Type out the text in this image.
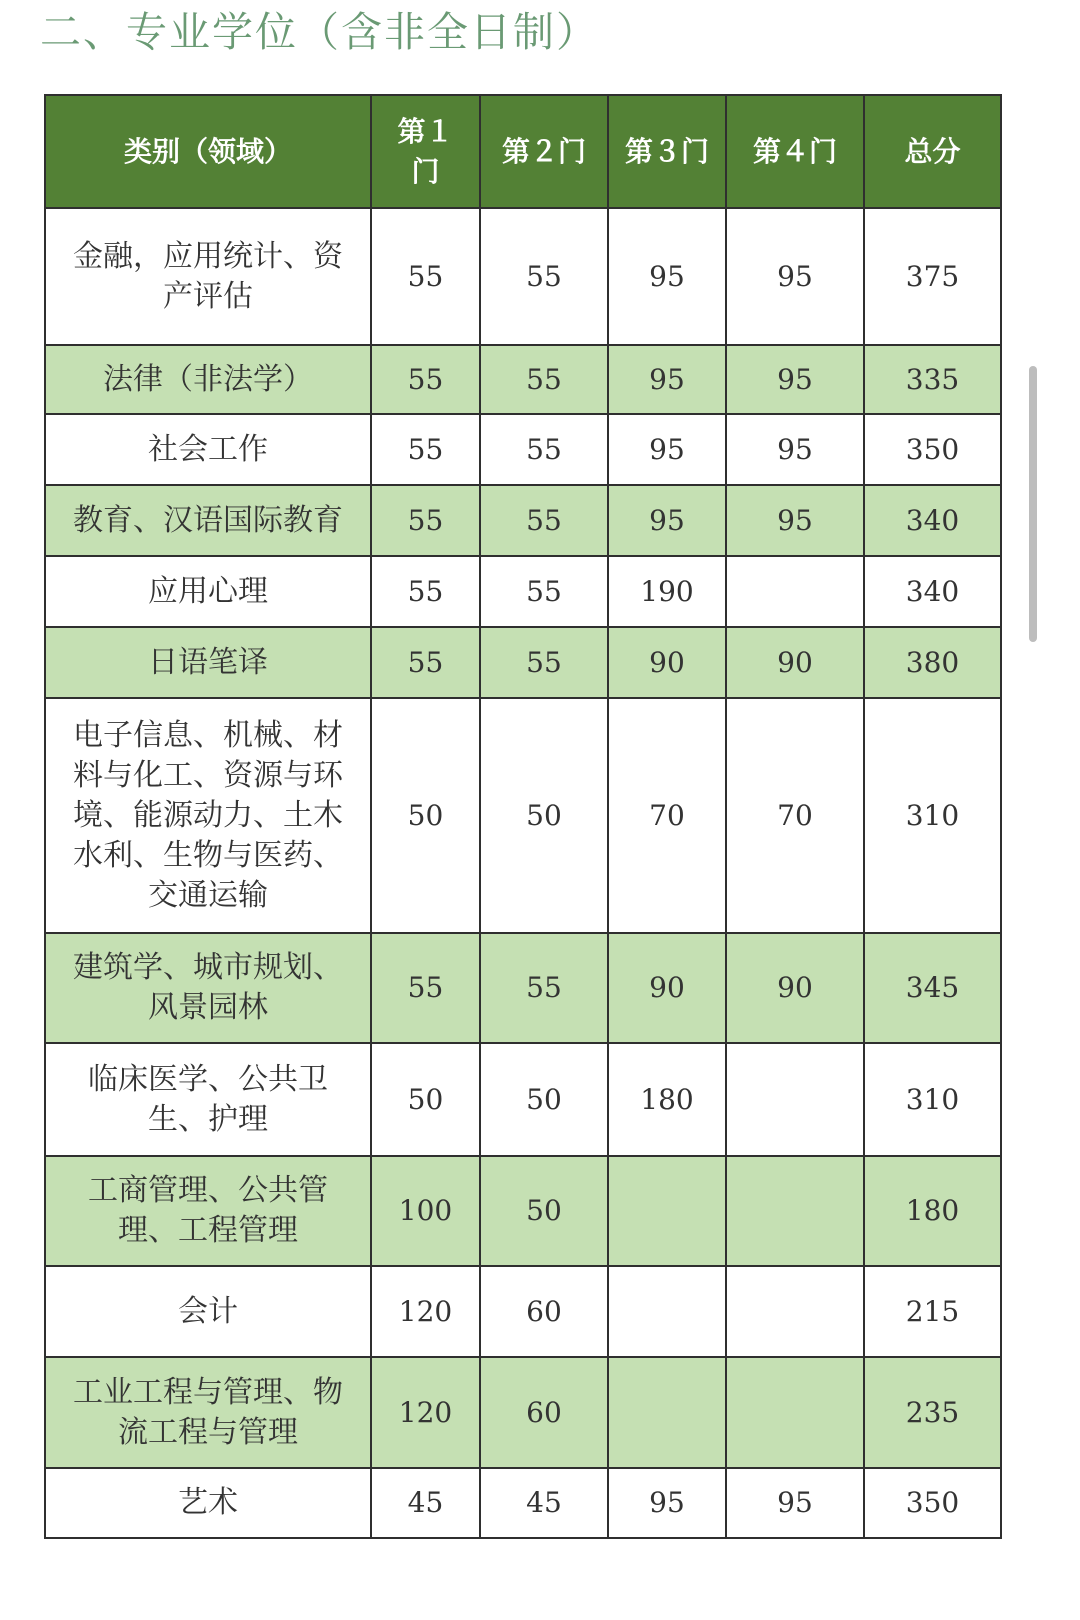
二、专业学位（含非全日制）
类别（领域）	第１门	第２门	第３门	第４门	总分
金融，应用统计、资产评估	55	55	95	95	375
法律（非法学）	55	55	95	95	335
社会工作	55	55	95	95	350
教育、汉语国际教育	55	55	95	95	340
应用心理	55	55	190		340
日语笔译	55	55	90	90	380
电子信息、机械、材料与化工、资源与环境、能源动力、土木水利、生物与医药、交通运输	50	50	70	70	310
建筑学、城市规划、风景园林	55	55	90	90	345
临床医学、公共卫生、护理	50	50	180		310
工商管理、公共管理、工程管理	100	50			180
会计	120	60			215
工业工程与管理、物流工程与管理	120	60			235
艺术	45	45	95	95	350
